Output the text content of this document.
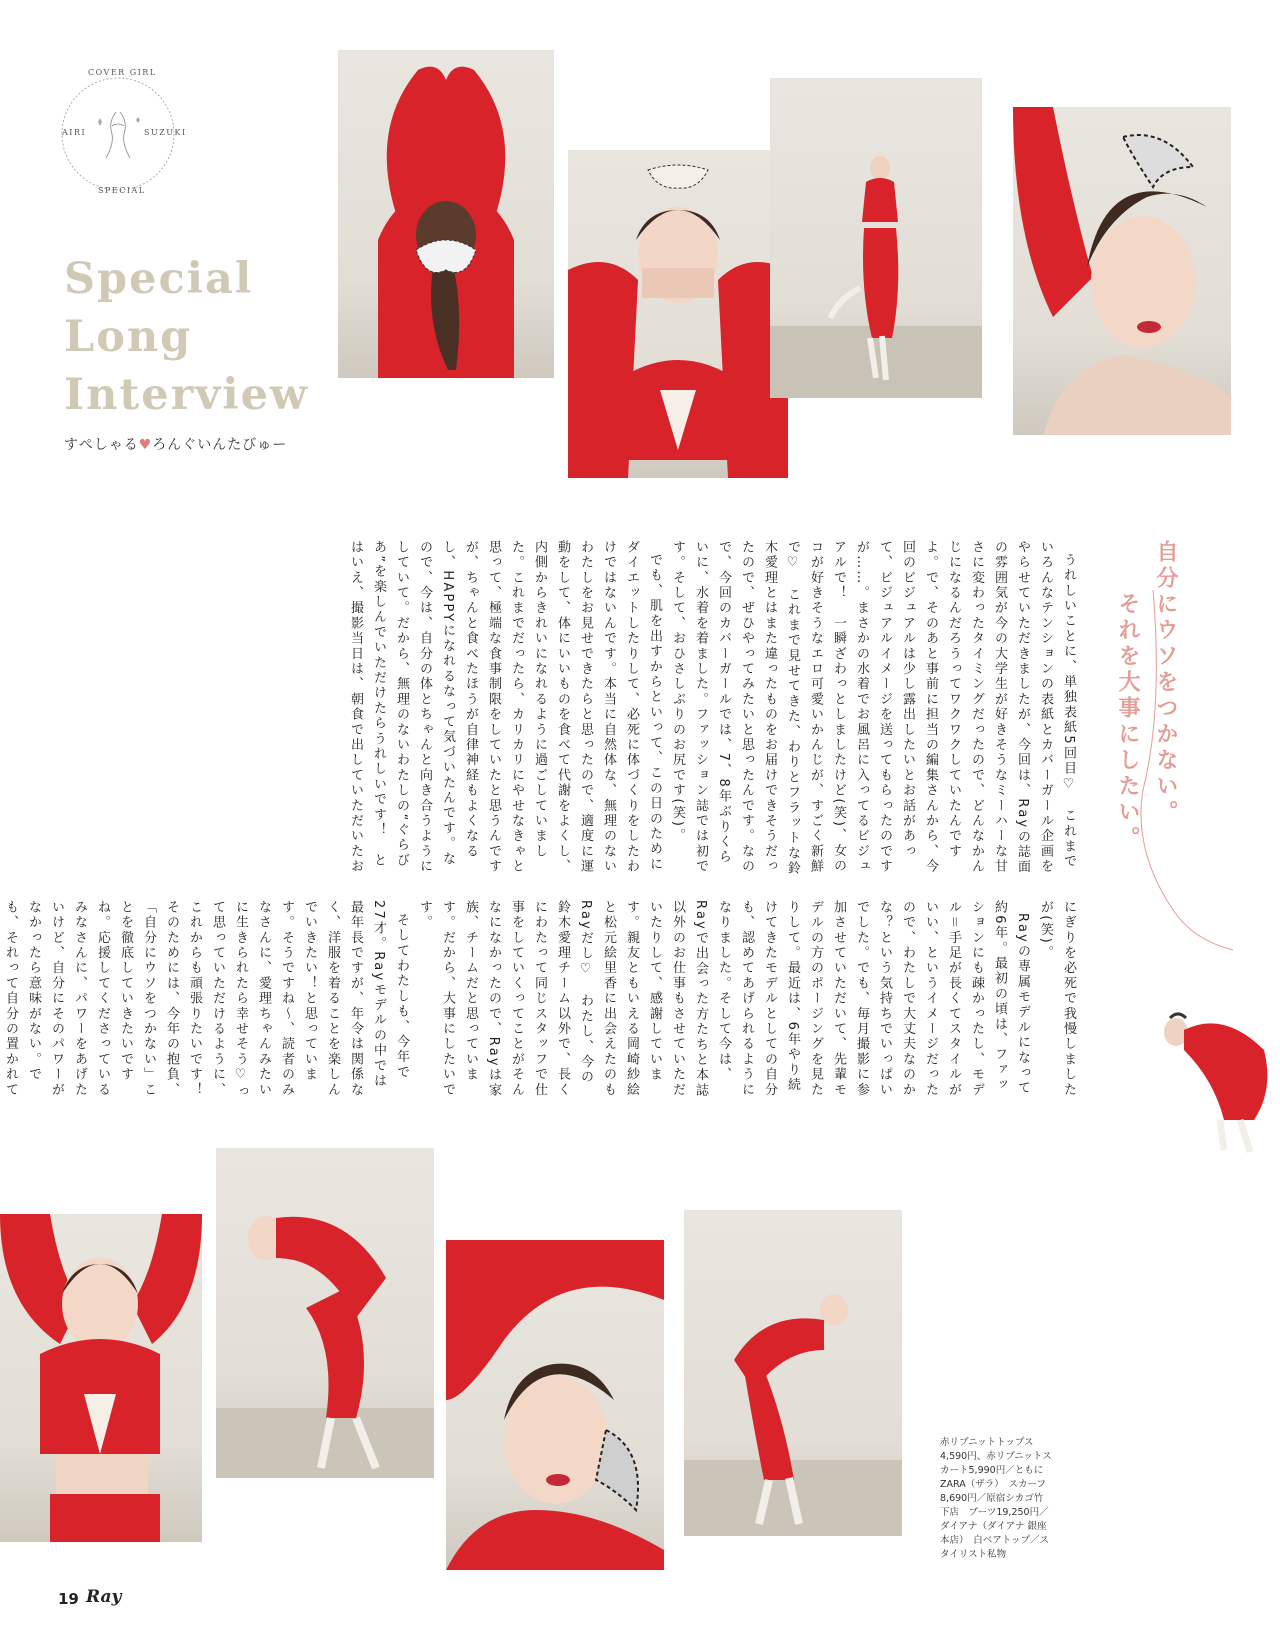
COVER GIRL
AIRI	SUZUKI
SPECIAL
Special
Long
Interview
すぺしゃる♥ろんぐいんたびゅー
自分にウソをつかない。
それを大事にしたい。

うれしいことに、単独表紙5回目♡　これまでいろんなテンションの表紙とカバーガール企画をやらせていただきましたが、今回は、Rayの誌面の雰囲気が今の大学生が好きそうなミーハーな甘さに変わったタイミングだったので、どんなかんじになるんだろうってワクワクしていたんですよ。で、そのあと事前に担当の編集さんから、今回のビジュアルは少し露出したいとお話があって、ビジュアルイメージを送ってもらったのですが……。まさかの水着でお風呂に入ってるビジュアルで！　一瞬ざわっとしましたけど(笑)、女のコが好きそうなエロ可愛いかんじが、すごく新鮮で♡　これまで見せてきた、わりとフラットな鈴木愛理とはまた違ったものをお届けできそうだったので、ぜひやってみたいと思ったんです。なので、今回のカバーガールでは、7、8年ぶりくらいに、水着を着ました。ファッション誌では初です。そして、おひさしぶりのお尻です(笑)。

でも、肌を出すからといって、この日のためにダイエットしたりして、必死に体づくりをしたわけではないんです。本当に自然体な、無理のないわたしをお見せできたらと思ったので、適度に運動をして、体にいいものを食べて代謝をよくし、内側からきれいになれるように過ごしていました。これまでだったら、カリカリにやせなきゃと思って、極端な食事制限をしていたと思うんですが、ちゃんと食べたほうが自律神経もよくなるし、HAPPYになれるなって気づいたんです。なので、今は、自分の体とちゃんと向き合うようにしていて。だから、無理のないわたしの“ぐらびあ”を楽しんでいただけたらうれしいです！　とはいえ、撮影当日は、朝食で出していただいたお

にぎりを必死で我慢しましたが(笑)。

Rayの専属モデルになって約6年。最初の頃は、ファッションにも疎かったし、モデル＝手足が長くてスタイルがいい、というイメージだったので、わたしで大丈夫なのかな？という気持ちでいっぱいでした。でも、毎月撮影に参加させていただいて、先輩モデルの方のポージングを見たりして。最近は、6年やり続けてきたモデルとしての自分も、認めてあげられるようになりました。そして今は、Rayで出会った方たちと本誌以外のお仕事もさせていただいたりして、感謝しています。親友ともいえる岡崎紗絵と松元絵里香に出会えたのもRayだし♡　わたし、今の鈴木愛理チーム以外で、長くにわたって同じスタッフで仕事をしていくってことがそんなになかったので、Rayは家族、チームだと思っています。だから、大事にしたいです。

そしてわたしも、今年で27才。Rayモデルの中では最年長ですが、年令は関係なく、洋服を着ることを楽しんでいきたい！と思っています。そうですね〜、読者のみなさんに、愛理ちゃんみたいに生きられたら幸せそう♡って思っていただけるように、これからも頑張りたいです！　そのためには、今年の抱負、「自分にウソをつかない」ことを徹底していきたいですね。応援してくださっているみなさんに、パワーをあげたいけど、自分にそのパワーがなかったら意味がない。でも、それって自分の置かれて

赤リブニットトップス 4,590円、赤リブニットスカート5,990円／ともにZARA（ザラ）　スカーフ 8,690円／原宿シカゴ竹下店　ブーツ19,250円／ダイアナ（ダイアナ 銀座本店）　白ベアトップ／スタイリスト私物
19 Ray
